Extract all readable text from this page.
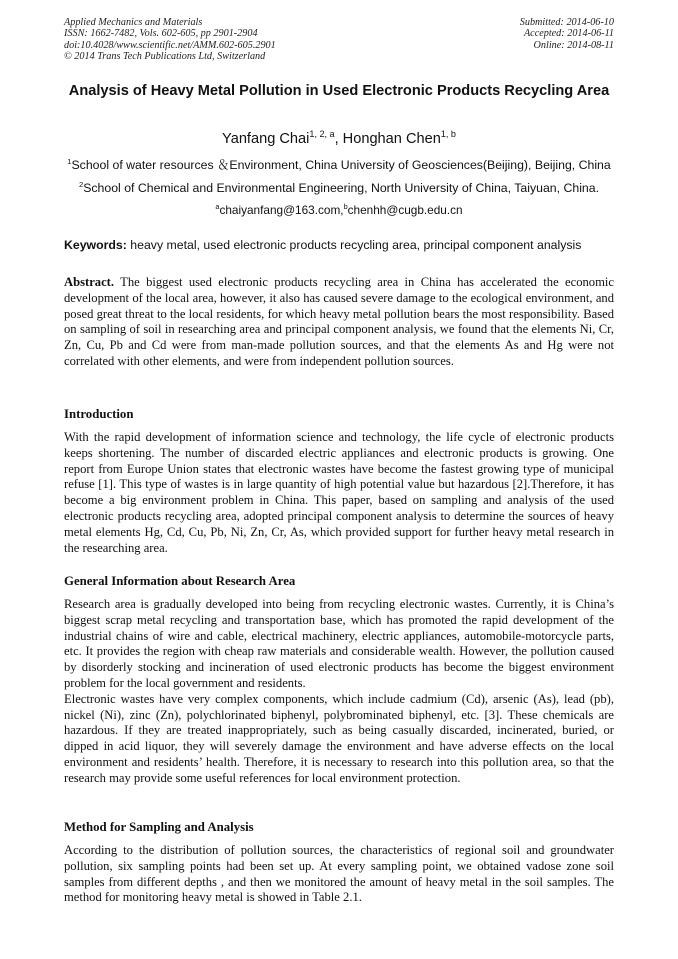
Applied Mechanics and Materials
ISSN: 1662-7482, Vols. 602-605, pp 2901-2904
doi:10.4028/www.scientific.net/AMM.602-605.2901
© 2014 Trans Tech Publications Ltd, Switzerland
Submitted: 2014-06-10
Accepted: 2014-06-11
Online: 2014-08-11
Analysis of Heavy Metal Pollution in Used Electronic Products Recycling Area
Yanfang Chai$^{1, 2, a}$, Honghan Chen$^{1, b}$
$^1$School of water resources ＆Environment, China University of Geosciences(Beijing), Beijing, China
$^2$School of Chemical and Environmental Engineering, North University of China, Taiyuan, China.
$^a$chaiyanfang@163.com,$^b$chenhh@cugb.edu.cn
Keywords: heavy metal, used electronic products recycling area, principal component analysis

Abstract. The biggest used electronic products recycling area in China has accelerated the economic development of the local area, however, it also has caused severe damage to the ecological environment, and posed great threat to the local residents, for which heavy metal pollution bears the most responsibility. Based on sampling of soil in researching area and principal component analysis, we found that the elements Ni, Cr, Zn, Cu, Pb and Cd were from man-made pollution sources, and that the elements As and Hg were not correlated with other elements, and were from independent pollution sources.

Introduction

With the rapid development of information science and technology, the life cycle of electronic products keeps shortening. The number of discarded electric appliances and electronic products is growing. One report from Europe Union states that electronic wastes have become the fastest growing type of municipal refuse [1]. This type of wastes is in large quantity of high potential value but hazardous [2].Therefore, it has become a big environment problem in China. This paper, based on sampling and analysis of the used electronic products recycling area, adopted principal component analysis to determine the sources of heavy metal elements Hg, Cd, Cu, Pb, Ni, Zn, Cr, As, which provided support for further heavy metal research in the researching area.

General Information about Research Area

Research area is gradually developed into being from recycling electronic wastes. Currently, it is China’s biggest scrap metal recycling and transportation base, which has promoted the rapid development of the industrial chains of wire and cable, electrical machinery, electric appliances, automobile-motorcycle parts, etc. It provides the region with cheap raw materials and considerable wealth. However, the pollution caused by disorderly stocking and incineration of used electronic products has become the biggest environment problem for the local government and residents.

Electronic wastes have very complex components, which include cadmium (Cd), arsenic (As), lead (pb), nickel (Ni), zinc (Zn), polychlorinated biphenyl, polybrominated biphenyl, etc. [3]. These chemicals are hazardous. If they are treated inappropriately, such as being casually discarded, incinerated, buried, or dipped in acid liquor, they will severely damage the environment and have adverse effects on the local environment and residents’ health. Therefore, it is necessary to research into this pollution area, so that the research may provide some useful references for local environment protection.

Method for Sampling and Analysis

According to the distribution of pollution sources, the characteristics of regional soil and groundwater pollution, six sampling points had been set up. At every sampling point, we obtained vadose zone soil samples from different depths , and then we monitored the amount of heavy metal in the soil samples. The method for monitoring heavy metal is showed in Table 2.1.
